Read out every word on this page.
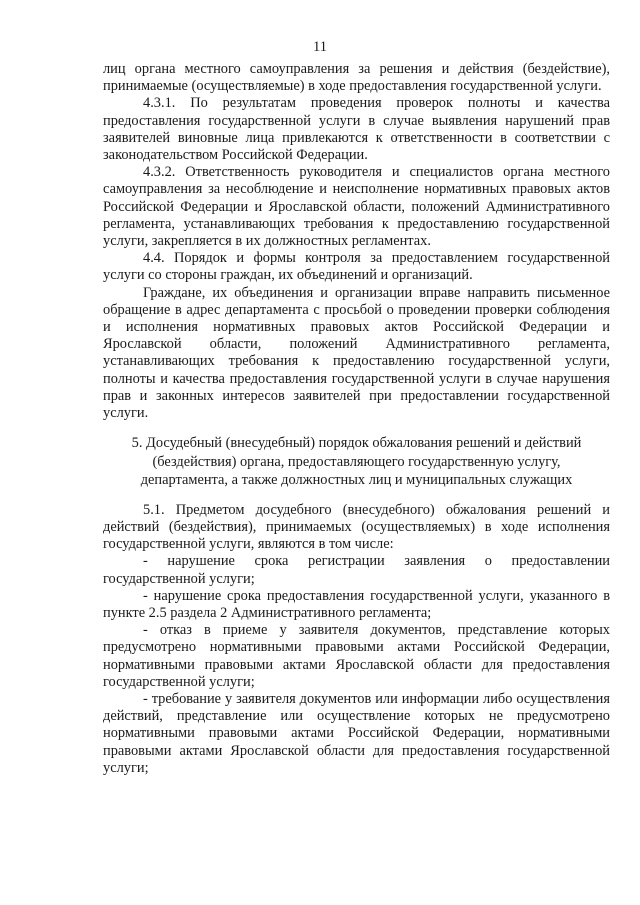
11

лиц органа местного самоуправления за решения и действия (бездействие), принимаемые (осуществляемые) в ходе предоставления государственной услуги.

4.3.1. По результатам проведения проверок полноты и качества предоставления государственной услуги в случае выявления нарушений прав заявителей виновные лица привлекаются к ответственности в соответствии с законодательством Российской Федерации.

4.3.2. Ответственность руководителя и специалистов органа местного самоуправления за несоблюдение и неисполнение нормативных правовых актов Российской Федерации и Ярославской области, положений Административного регламента, устанавливающих требования к предоставлению государственной услуги, закрепляется в их должностных регламентах.

4.4. Порядок и формы контроля за предоставлением государственной услуги со стороны граждан, их объединений и организаций.

Граждане, их объединения и организации вправе направить письменное обращение в адрес департамента с просьбой о проведении проверки соблюдения и исполнения нормативных правовых актов Российской Федерации и Ярославской области, положений Административного регламента, устанавливающих требования к предоставлению государственной услуги, полноты и качества предоставления государственной услуги в случае нарушения прав и законных интересов заявителей при предоставлении государственной услуги.

5. Досудебный (внесудебный) порядок обжалования решений и действий (бездействия) органа, предоставляющего государственную услугу, департамента, а также должностных лиц и муниципальных служащих

5.1. Предметом досудебного (внесудебного) обжалования решений и действий (бездействия), принимаемых (осуществляемых) в ходе исполнения государственной услуги, являются в том числе:

- нарушение срока регистрации заявления о предоставлении государственной услуги;

- нарушение срока предоставления государственной услуги, указанного в пункте 2.5 раздела 2 Административного регламента;

- отказ в приеме у заявителя документов, представление которых предусмотрено нормативными правовыми актами Российской Федерации, нормативными правовыми актами Ярославской области для предоставления государственной услуги;

- требование у заявителя документов или информации либо осуществления действий, представление или осуществление которых не предусмотрено нормативными правовыми актами Российской Федерации, нормативными правовыми актами Ярославской области для предоставления государственной услуги;
